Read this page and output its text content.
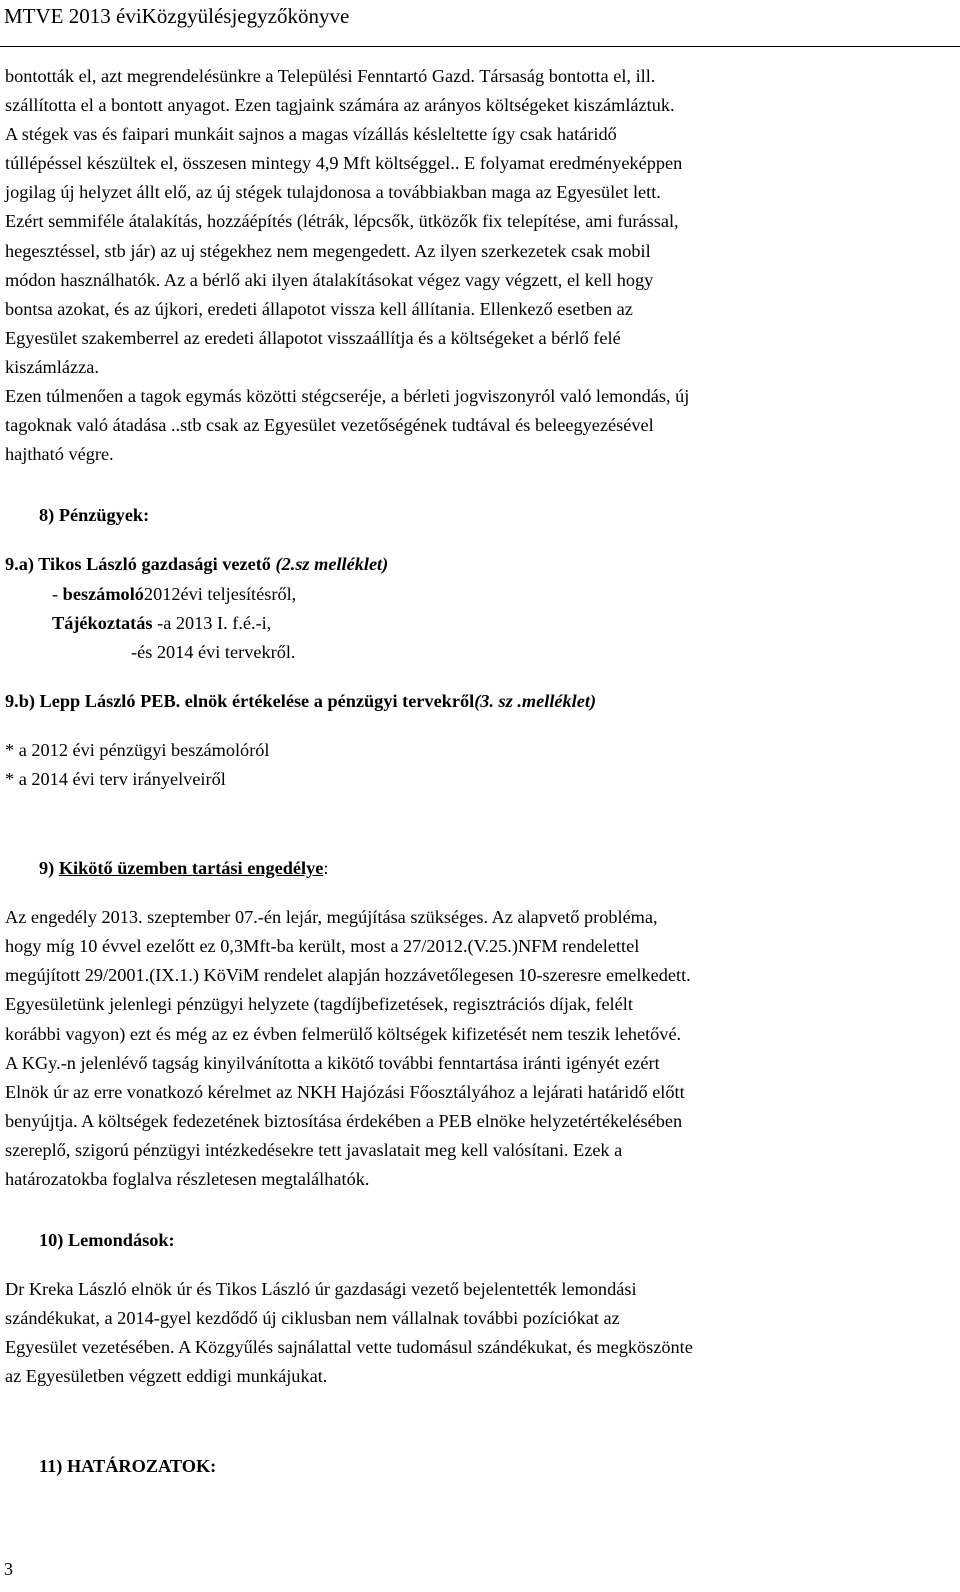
MTVE 2013 éviKözgyülésjegyzőkönyve

bontották el, azt megrendelésünkre a Települési Fenntartó Gazd. Társaság bontotta el, ill.

szállította el a bontott anyagot. Ezen tagjaink számára az arányos költségeket kiszámláztuk.

A stégek vas és faipari munkáit sajnos a magas vízállás késleltette így csak határidő

túllépéssel készültek el, összesen mintegy 4,9 Mft költséggel.. E folyamat eredményeképpen

jogilag új helyzet állt elő, az új stégek tulajdonosa a továbbiakban maga az Egyesület lett.

Ezért semmiféle átalakítás, hozzáépítés (létrák, lépcsők, ütközők fix telepítése, ami furással,

hegesztéssel, stb jár) az uj stégekhez nem megengedett. Az ilyen szerkezetek csak mobil

módon használhatók. Az a bérlő aki ilyen átalakításokat végez vagy végzett, el kell hogy

bontsa azokat, és az újkori, eredeti állapotot vissza kell állítania. Ellenkező esetben az

Egyesület szakemberrel az eredeti állapotot visszaállítja és a költségeket a bérlő felé

kiszámlázza.

Ezen túlmenően a tagok egymás közötti stégcseréje, a bérleti jogviszonyról való lemondás, új

tagoknak való átadása ..stb csak az Egyesület vezetőségének tudtával és beleegyezésével

hajtható végre.

8) Pénzügyek:

9.a) Tikos László gazdasági vezető (2.sz melléklet)

- beszámoló2012évi teljesítésről,

Tájékoztatás -a 2013 I. f.é.-i,

-és 2014 évi tervekről.

9.b) Lepp László PEB. elnök értékelése a pénzügyi tervekről(3. sz .melléklet)

* a 2012 évi pénzügyi beszámolóról

* a 2014 évi terv irányelveiről

9) Kikötő üzemben tartási engedélye:

Az engedély 2013. szeptember 07.-én lejár, megújítása szükséges. Az alapvető probléma,

hogy míg 10 évvel ezelőtt ez 0,3Mft-ba került, most a 27/2012.(V.25.)NFM rendelettel

megújított 29/2001.(IX.1.) KöViM rendelet alapján hozzávetőlegesen 10-szeresre emelkedett.

Egyesületünk jelenlegi pénzügyi helyzete (tagdíjbefizetések, regisztrációs díjak, felélt

korábbi vagyon) ezt és még az ez évben felmerülő költségek kifizetését nem teszik lehetővé.

A KGy.-n jelenlévő tagság kinyilvánította a kikötő további fenntartása iránti igényét ezért

Elnök úr az erre vonatkozó kérelmet az NKH Hajózási Főosztályához a lejárati határidő előtt

benyújtja. A költségek fedezetének biztosítása érdekében a PEB elnöke helyzetértékelésében

szereplő, szigorú pénzügyi intézkedésekre tett javaslatait meg kell valósítani. Ezek a

határozatokba foglalva részletesen megtalálhatók.

10) Lemondások:

Dr Kreka László elnök úr és Tikos László úr gazdasági vezető bejelentették lemondási

szándékukat, a 2014-gyel kezdődő új ciklusban nem vállalnak további pozíciókat az

Egyesület vezetésében. A Közgyűlés sajnálattal vette tudomásul szándékukat, és megköszönte

az Egyesületben végzett eddigi munkájukat.

11) HATÁROZATOK:

3
